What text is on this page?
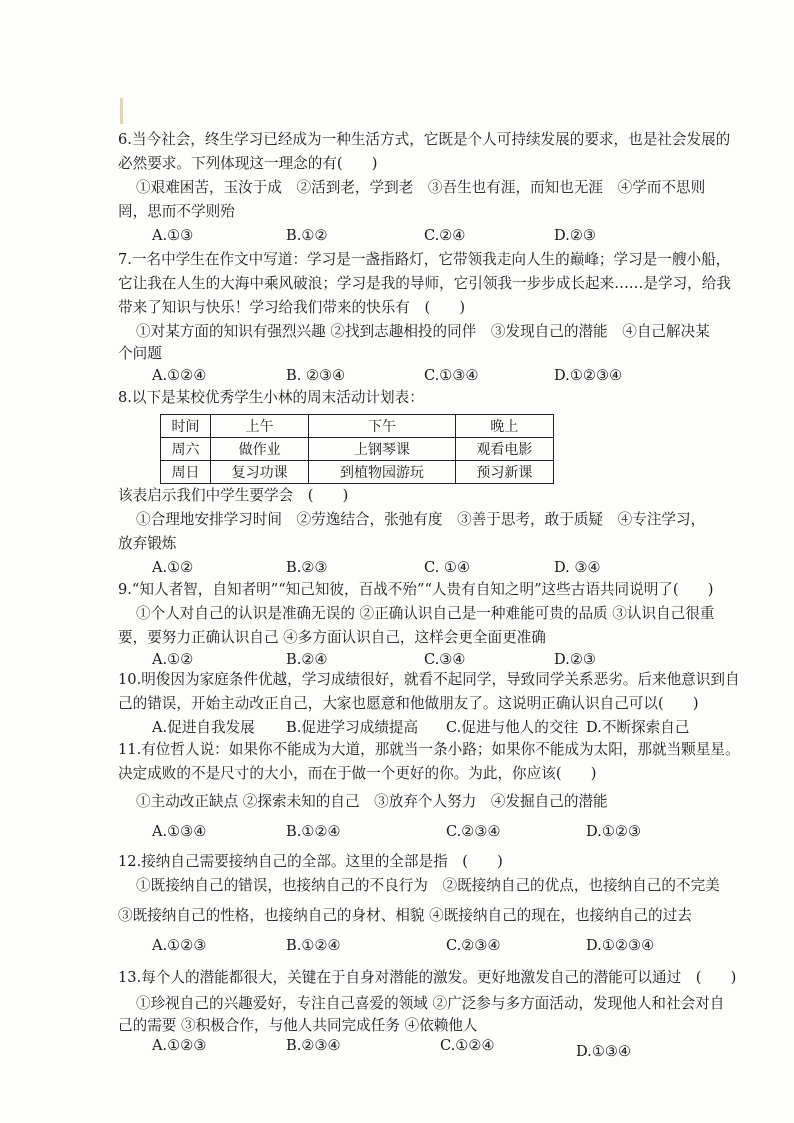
6.当今社会，终生学习已经成为一种生活方式，它既是个人可持续发展的要求，也是社会发展的
必然要求。下列体现这一理念的有(　　)
①艰难困苦，玉汝于成　②活到老，学到老　③吾生也有涯，而知也无涯　④学而不思则
罔，思而不学则殆
A.①③	B.①②	C.②④	D.②③
7.一名中学生在作文中写道：学习是一盏指路灯，它带领我走向人生的巅峰；学习是一艘小船，
它让我在人生的大海中乘风破浪；学习是我的导师，它引领我一步步成长起来……是学习，给我
带来了知识与快乐！学习给我们带来的快乐有　(　　)
①对某方面的知识有强烈兴趣 ②找到志趣相投的同伴　③发现自己的潜能　④自己解决某
个问题
A.①②④	B. ②③④	C.①③④	D.①②③④
8.以下是某校优秀学生小林的周末活动计划表：
时间	上午	下午	晚上
周六	做作业	上钢琴课	观看电影
周日	复习功课	到植物园游玩	预习新课
该表启示我们中学生要学会　(　　)
①合理地安排学习时间　②劳逸结合，张弛有度　③善于思考，敢于质疑　④专注学习，
放弃锻炼
A.①②	B.②③	C. ①④	D. ③④
9.“知人者智，自知者明”“知己知彼，百战不殆”“人贵有自知之明”这些古语共同说明了(　　)
①个人对自己的认识是准确无误的 ②正确认识自己是一种难能可贵的品质 ③认识自己很重
要，要努力正确认识自己 ④多方面认识自己，这样会更全面更准确
A.①②	B.②④	C.③④	D.②③
10.明俊因为家庭条件优越，学习成绩很好，就看不起同学，导致同学关系恶劣。后来他意识到自
己的错误，开始主动改正自己，大家也愿意和他做朋友了。这说明正确认识自己可以(　　)
A.促进自我发展 B.促进学习成绩提高 C.促进与他人的交往 D.不断探索自己
11.有位哲人说：如果你不能成为大道，那就当一条小路；如果你不能成为太阳，那就当颗星星。
决定成败的不是尺寸的大小，而在于做一个更好的你。为此，你应该(　　)
①主动改正缺点 ②探索未知的自己　③放弃个人努力　④发掘自己的潜能
A.①③④	B.①②④	C.②③④	D.①②③
12.接纳自己需要接纳自己的全部。这里的全部是指　(　　)
①既接纳自己的错误，也接纳自己的不良行为　②既接纳自己的优点，也接纳自己的不完美
③既接纳自己的性格，也接纳自己的身材、相貌 ④既接纳自己的现在，也接纳自己的过去
A.①②③	B.①②④	C.②③④	D.①②③④
13.每个人的潜能都很大，关键在于自身对潜能的激发。更好地激发自己的潜能可以通过　(　　)
①珍视自己的兴趣爱好，专注自己喜爱的领域 ②广泛参与多方面活动，发现他人和社会对自
己的需要 ③积极合作，与他人共同完成任务 ④依赖他人
A.①②③	B.②③④	C.①②④	D.①③④
